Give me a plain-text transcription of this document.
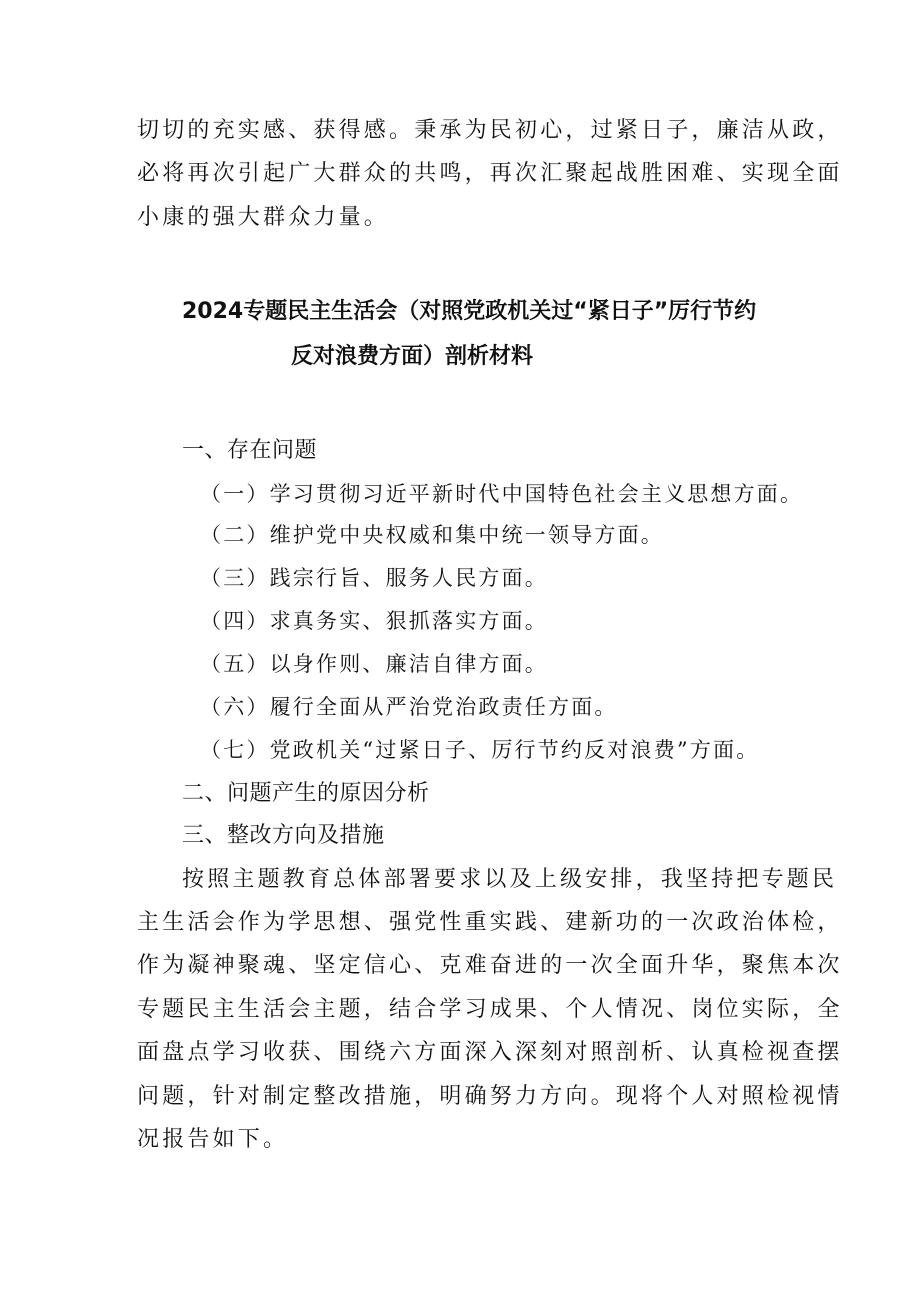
切切的充实感、获得感。秉承为民初心，过紧日子，廉洁从政，
必将再次引起广大群众的共鸣，再次汇聚起战胜困难、实现全面
小康的强大群众力量。
2024专题民主生活会（对照党政机关过“紧日子”厉行节约
反对浪费方面）剖析材料
一、存在问题
（一）学习贯彻习近平新时代中国特色社会主义思想方面。
（二）维护党中央权威和集中统一领导方面。
（三）践宗行旨、服务人民方面。
（四）求真务实、狠抓落实方面。
（五）以身作则、廉洁自律方面。
（六）履行全面从严治党治政责任方面。
（七）党政机关“过紧日子、厉行节约反对浪费”方面。
二、问题产生的原因分析
三、整改方向及措施
按照主题教育总体部署要求以及上级安排，我坚持把专题民
主生活会作为学思想、强党性重实践、建新功的一次政治体检，
作为凝神聚魂、坚定信心、克难奋进的一次全面升华，聚焦本次
专题民主生活会主题，结合学习成果、个人情况、岗位实际，全
面盘点学习收获、围绕六方面深入深刻对照剖析、认真检视查摆
问题，针对制定整改措施，明确努力方向。现将个人对照检视情
况报告如下。
